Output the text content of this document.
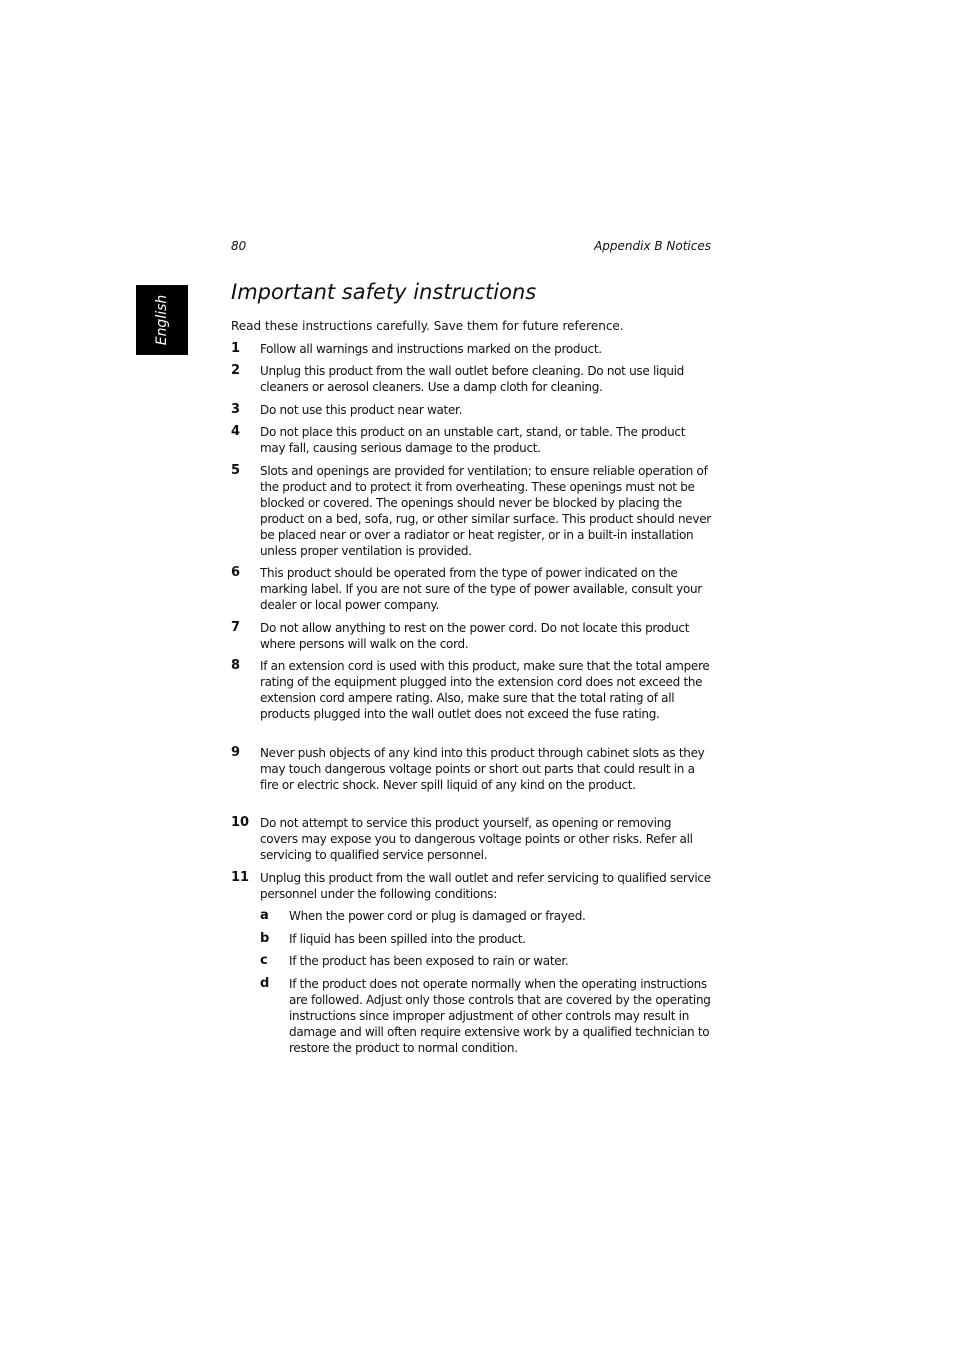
English
80	Appendix B Notices
Important safety instructions

Read these instructions carefully. Save them for future reference.

1 Follow all warnings and instructions marked on the product.
2 Unplug this product from the wall outlet before cleaning. Do not use liquid cleaners or aerosol cleaners. Use a damp cloth for cleaning.
3 Do not use this product near water.
4 Do not place this product on an unstable cart, stand, or table. The product may fall, causing serious damage to the product.
5 Slots and openings are provided for ventilation; to ensure reliable operation of the product and to protect it from overheating. These openings must not be blocked or covered. The openings should never be blocked by placing the product on a bed, sofa, rug, or other similar surface. This product should never be placed near or over a radiator or heat register, or in a built-in installation unless proper ventilation is provided.
6 This product should be operated from the type of power indicated on the marking label. If you are not sure of the type of power available, consult your dealer or local power company.
7 Do not allow anything to rest on the power cord. Do not locate this product where persons will walk on the cord.
8 If an extension cord is used with this product, make sure that the total ampere rating of the equipment plugged into the extension cord does not exceed the extension cord ampere rating. Also, make sure that the total rating of all products plugged into the wall outlet does not exceed the fuse rating.
9 Never push objects of any kind into this product through cabinet slots as they may touch dangerous voltage points or short out parts that could result in a fire or electric shock. Never spill liquid of any kind on the product.
10 Do not attempt to service this product yourself, as opening or removing covers may expose you to dangerous voltage points or other risks. Refer all servicing to qualified service personnel.
11 Unplug this product from the wall outlet and refer servicing to qualified service personnel under the following conditions:
a When the power cord or plug is damaged or frayed.
b If liquid has been spilled into the product.
c If the product has been exposed to rain or water.
d If the product does not operate normally when the operating instructions are followed. Adjust only those controls that are covered by the operating instructions since improper adjustment of other controls may result in damage and will often require extensive work by a qualified technician to restore the product to normal condition.
